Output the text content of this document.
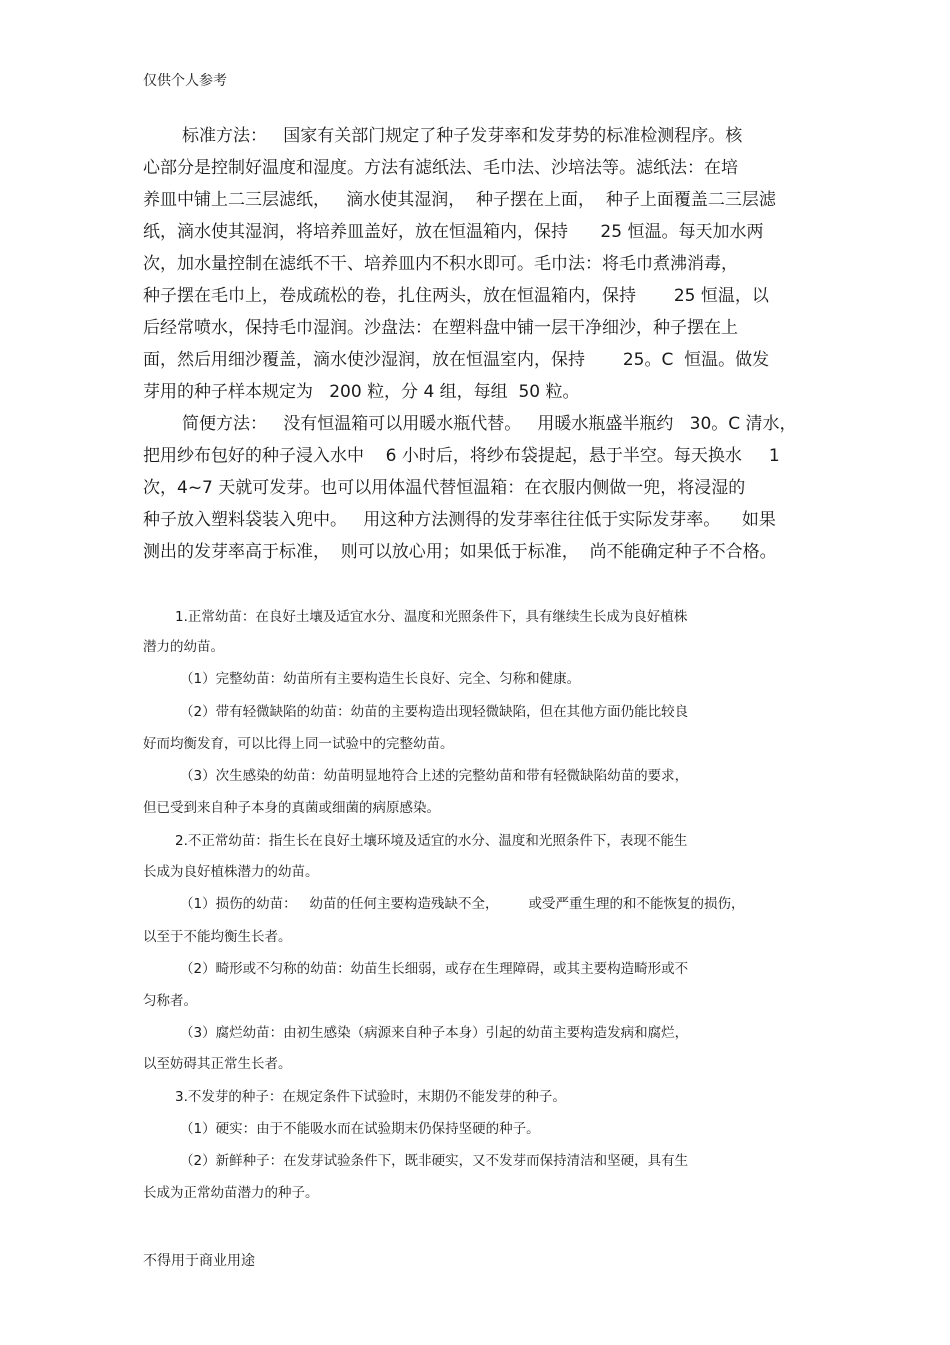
仅供个人参考
标准方法：   国家有关部门规定了种子发芽率和发芽势的标准检测程序。核
心部分是控制好温度和湿度。方法有滤纸法、毛巾法、沙培法等。滤纸法：在培
养皿中铺上二三层滤纸，   滴水使其湿润，  种子摆在上面，  种子上面覆盖二三层滤
纸，滴水使其湿润，将培养皿盖好，放在恒温箱内，保持      25 恒温。每天加水两
次，加水量控制在滤纸不干、培养皿内不积水即可。毛巾法：将毛巾煮沸消毒，
种子摆在毛巾上，卷成疏松的卷，扎住两头，放在恒温箱内，保持       25 恒温，以
后经常喷水，保持毛巾湿润。沙盘法：在塑料盘中铺一层干净细沙，种子摆在上
面，然后用细沙覆盖，滴水使沙湿润，放在恒温室内，保持       25。C  恒温。做发
芽用的种子样本规定为   200 粒，分 4 组，每组  50 粒。
简便方法：   没有恒温箱可以用暖水瓶代替。   用暖水瓶盛半瓶约   30。C 清水，
把用纱布包好的种子浸入水中    6 小时后，将纱布袋提起，悬于半空。每天换水     1
次，4~7 天就可发芽。也可以用体温代替恒温箱：在衣服内侧做一兜，将浸湿的
种子放入塑料袋装入兜中。   用这种方法测得的发芽率往往低于实际发芽率。    如果
测出的发芽率高于标准，  则可以放心用；如果低于标准，  尚不能确定种子不合格。
1.正常幼苗：在良好土壤及适宜水分、温度和光照条件下，具有继续生长成为良好植株
潜力的幼苗。
（1）完整幼苗：幼苗所有主要构造生长良好、完全、匀称和健康。
（2）带有轻微缺陷的幼苗：幼苗的主要构造出现轻微缺陷，但在其他方面仍能比较良
好而均衡发育，可以比得上同一试验中的完整幼苗。
（3）次生感染的幼苗：幼苗明显地符合上述的完整幼苗和带有轻微缺陷幼苗的要求，
但已受到来自种子本身的真菌或细菌的病原感染。
2.不正常幼苗：指生长在良好土壤环境及适宜的水分、温度和光照条件下，表现不能生
长成为良好植株潜力的幼苗。
（1）损伤的幼苗：   幼苗的任何主要构造残缺不全，       或受严重生理的和不能恢复的损伤，
以至于不能均衡生长者。
（2）畸形或不匀称的幼苗：幼苗生长细弱，或存在生理障碍，或其主要构造畸形或不
匀称者。
（3）腐烂幼苗：由初生感染（病源来自种子本身）引起的幼苗主要构造发病和腐烂，
以至妨碍其正常生长者。
3.不发芽的种子：在规定条件下试验时，末期仍不能发芽的种子。
（1）硬实：由于不能吸水而在试验期末仍保持坚硬的种子。
（2）新鲜种子：在发芽试验条件下，既非硬实，又不发芽而保持清洁和坚硬，具有生
长成为正常幼苗潜力的种子。
不得用于商业用途
